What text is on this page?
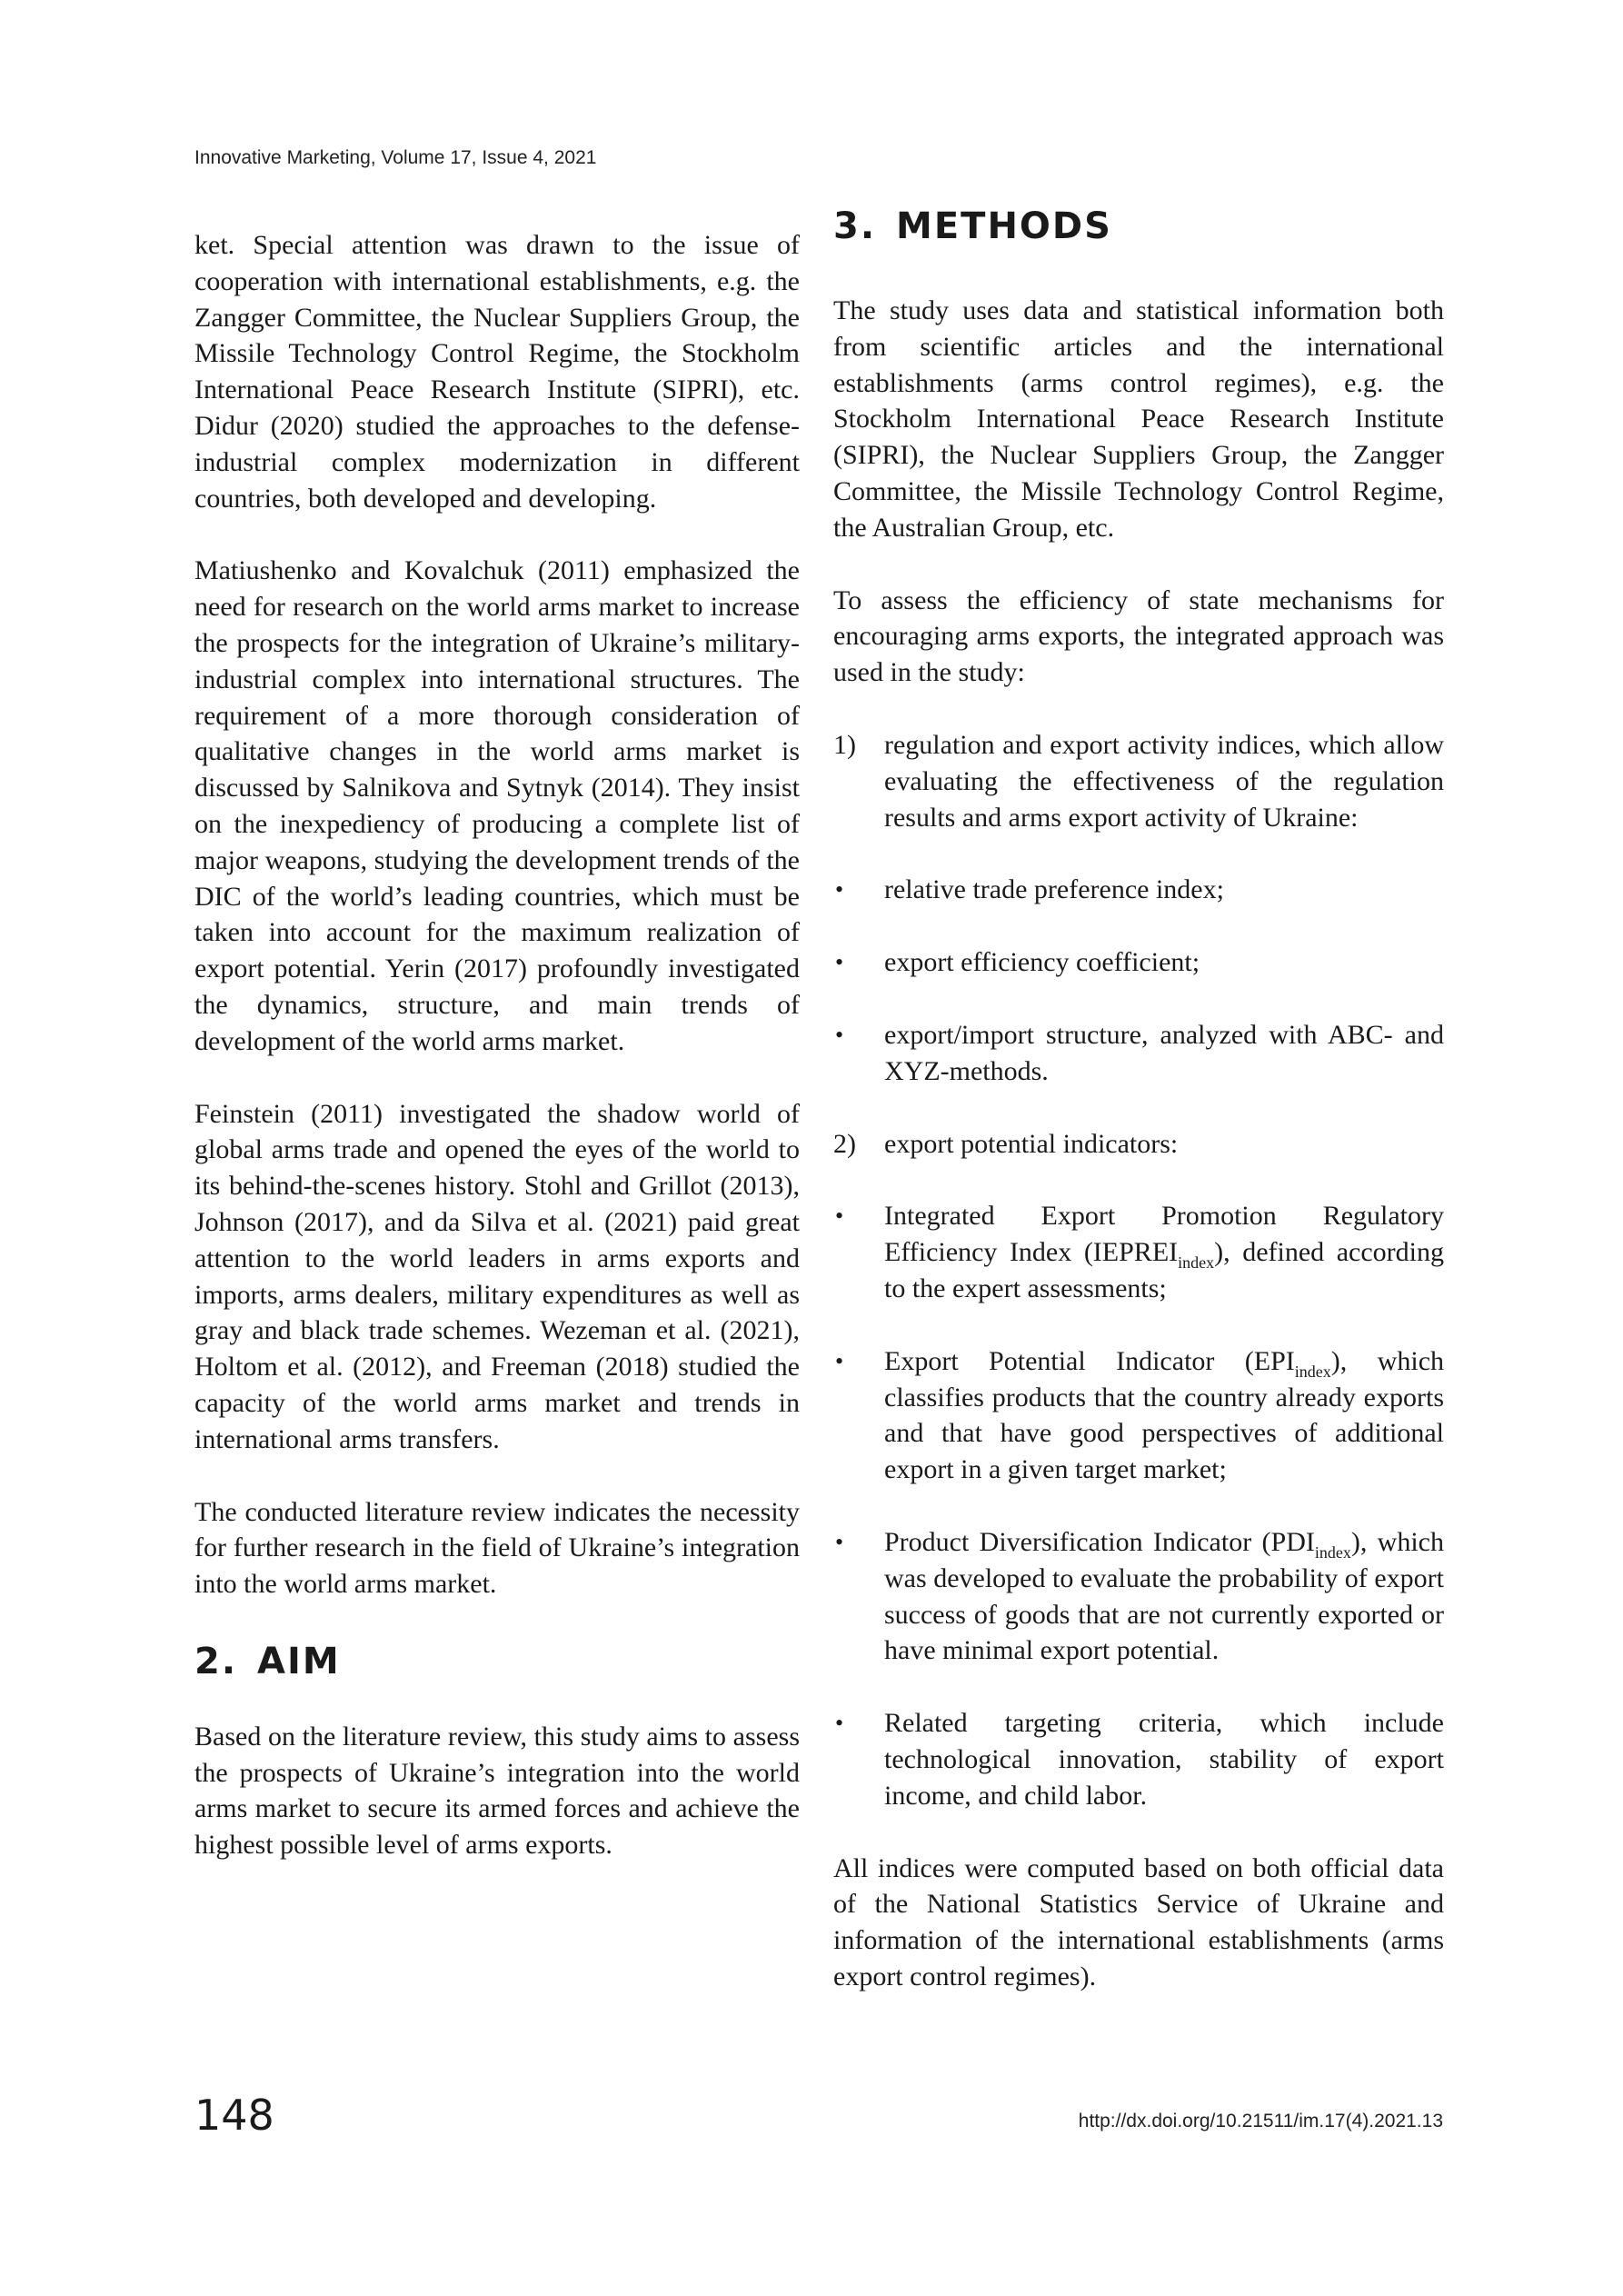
Innovative Marketing, Volume 17, Issue 4, 2021

ket. Special attention was drawn to the issue of cooperation with international establishments, e.g. the Zangger Committee, the Nuclear Suppliers Group, the Missile Technology Control Regime, the Stockholm International Peace Research Institute (SIPRI), etc. Didur (2020) studied the approaches to the defense-industrial complex modernization in different countries, both developed and developing.

Matiushenko and Kovalchuk (2011) emphasized the need for research on the world arms market to increase the prospects for the integration of Ukraine’s military-industrial complex into international structures. The requirement of a more thorough consideration of qualitative changes in the world arms market is discussed by Salnikova and Sytnyk (2014). They insist on the inexpediency of producing a complete list of major weapons, studying the development trends of the DIC of the world’s leading countries, which must be taken into account for the maximum realization of export potential. Yerin (2017) profoundly investigated the dynamics, structure, and main trends of development of the world arms market.

Feinstein (2011) investigated the shadow world of global arms trade and opened the eyes of the world to its behind-the-scenes history. Stohl and Grillot (2013), Johnson (2017), and da Silva et al. (2021) paid great attention to the world leaders in arms exports and imports, arms dealers, military expenditures as well as gray and black trade schemes. Wezeman et al. (2021), Holtom et al. (2012), and Freeman (2018) studied the capacity of the world arms market and trends in international arms transfers.

The conducted literature review indicates the necessity for further research in the field of Ukraine’s integration into the world arms market.

2. AIM

Based on the literature review, this study aims to assess the prospects of Ukraine’s integration into the world arms market to secure its armed forces and achieve the highest possible level of arms exports.

3. METHODS

The study uses data and statistical information both from scientific articles and the international establishments (arms control regimes), e.g. the Stockholm International Peace Research Institute (SIPRI), the Nuclear Suppliers Group, the Zangger Committee, the Missile Technology Control Regime, the Australian Group, etc.

To assess the efficiency of state mechanisms for encouraging arms exports, the integrated approach was used in the study:

1) regulation and export activity indices, which allow evaluating the effectiveness of the regulation results and arms export activity of Ukraine:

• relative trade preference index;

• export efficiency coefficient;

• export/import structure, analyzed with ABC- and XYZ-methods.

2) export potential indicators:

• Integrated Export Promotion Regulatory Efficiency Index $(IEPREI_{index})$, defined according to the expert assessments;

• Export Potential Indicator $(EPI_{index})$, which classifies products that the country already exports and that have good perspectives of additional export in a given target market;

• Product Diversification Indicator $(PDI_{index})$, which was developed to evaluate the probability of export success of goods that are not currently exported or have minimal export potential.

• Related targeting criteria, which include technological innovation, stability of export income, and child labor.

All indices were computed based on both official data of the National Statistics Service of Ukraine and information of the international establishments (arms export control regimes).

148	http://dx.doi.org/10.21511/im.17(4).2021.13
